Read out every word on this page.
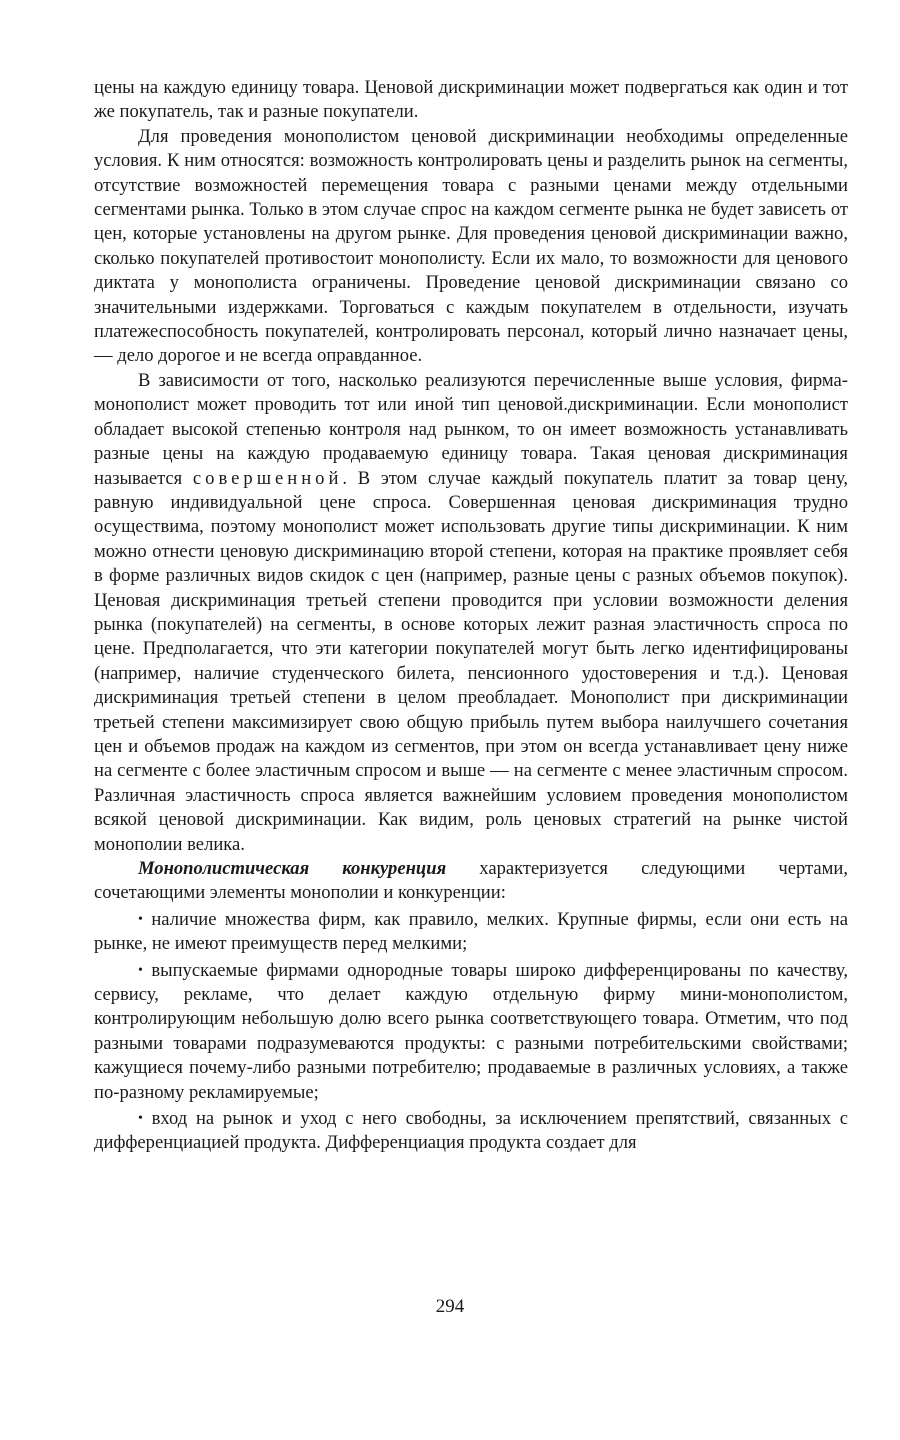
цены на каждую единицу товара. Ценовой дискриминации может подвергаться как один и тот же покупатель, так и разные покупатели.

Для проведения монополистом ценовой дискриминации необходимы определенные условия. К ним относятся: возможность контролировать цены и разделить рынок на сегменты, отсутствие возможностей перемещения товара с разными ценами между отдельными сегментами рынка. Только в этом случае спрос на каждом сегменте рынка не будет зависеть от цен, которые установлены на другом рынке. Для проведения ценовой дискриминации важно, сколько покупателей противостоит монополисту. Если их мало, то возможности для ценового диктата у монополиста ограничены. Проведение ценовой дискриминации связано со значительными издержками. Торговаться с каждым покупателем в отдельности, изучать платежеспособность покупателей, контролировать персонал, который лично назначает цены, — дело дорогое и не всегда оправданное.

В зависимости от того, насколько реализуются перечисленные выше условия, фирма-монополист может проводить тот или иной тип ценовой.дискриминации. Если монополист обладает высокой степенью контроля над рынком, то он имеет возможность устанавливать разные цены на каждую продаваемую единицу товара. Такая ценовая дискриминация называется совершенной. В этом случае каждый покупатель платит за товар цену, равную индивидуальной цене спроса. Совершенная ценовая дискриминация трудно осуществима, поэтому монополист может использовать другие типы дискриминации. К ним можно отнести ценовую дискриминацию второй степени, которая на практике проявляет себя в форме различных видов скидок с цен (например, разные цены с разных объемов покупок). Ценовая дискриминация третьей степени проводится при условии возможности деления рынка (покупателей) на сегменты, в основе которых лежит разная эластичность спроса по цене. Предполагается, что эти категории покупателей могут быть легко идентифицированы (например, наличие студенческого билета, пенсионного удостоверения и т.д.). Ценовая дискриминация третьей степени в целом преобладает. Монополист при дискриминации третьей степени максимизирует свою общую прибыль путем выбора наилучшего сочетания цен и объемов продаж на каждом из сегментов, при этом он всегда устанавливает цену ниже на сегменте с более эластичным спросом и выше — на сегменте с менее эластичным спросом. Различная эластичность спроса является важнейшим условием проведения монополистом всякой ценовой дискриминации. Как видим, роль ценовых стратегий на рынке чистой монополии велика.

Монополистическая конкуренция характеризуется следующими чертами, сочетающими элементы монополии и конкуренции:

• наличие множества фирм, как правило, мелких. Крупные фирмы, если они есть на рынке, не имеют преимуществ перед мелкими;

• выпускаемые фирмами однородные товары широко дифференцированы по качеству, сервису, рекламе, что делает каждую отдельную фирму мини-монополистом, контролирующим небольшую долю всего рынка соответствующего товара. Отметим, что под разными товарами подразумеваются продукты: с разными потребительскими свойствами; кажущиеся почему-либо разными потребителю; продаваемые в различных условиях, а также по-разному рекламируемые;

• вход на рынок и уход с него свободны, за исключением препятствий, связанных с дифференциацией продукта. Дифференциация продукта создает для

294
